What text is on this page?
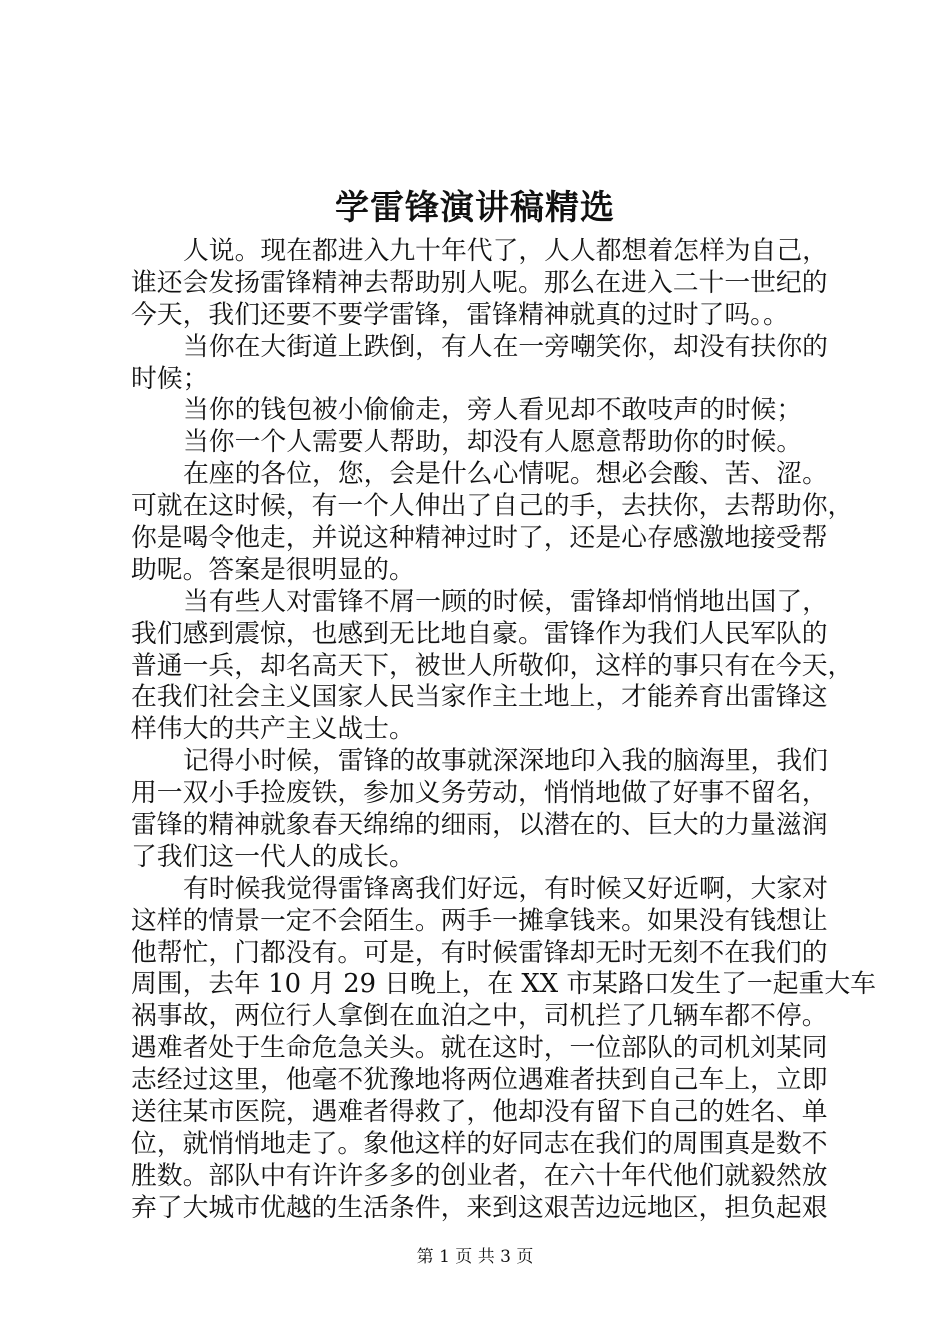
学雷锋演讲稿精选
人说。现在都进入九十年代了，人人都想着怎样为自己，
谁还会发扬雷锋精神去帮助别人呢。那么在进入二十一世纪的
今天，我们还要不要学雷锋，雷锋精神就真的过时了吗。。
当你在大街道上跌倒，有人在一旁嘲笑你，却没有扶你的
时候；
当你的钱包被小偷偷走，旁人看见却不敢吱声的时候；
当你一个人需要人帮助，却没有人愿意帮助你的时候。
在座的各位，您，会是什么心情呢。想必会酸、苦、涩。
可就在这时候，有一个人伸出了自己的手，去扶你，去帮助你，
你是喝令他走，并说这种精神过时了，还是心存感激地接受帮
助呢。答案是很明显的。
当有些人对雷锋不屑一顾的时候，雷锋却悄悄地出国了，
我们感到震惊，也感到无比地自豪。雷锋作为我们人民军队的
普通一兵，却名高天下，被世人所敬仰，这样的事只有在今天，
在我们社会主义国家人民当家作主土地上，才能养育出雷锋这
样伟大的共产主义战士。
记得小时候，雷锋的故事就深深地印入我的脑海里，我们
用一双小手捡废铁，参加义务劳动，悄悄地做了好事不留名，
雷锋的精神就象春天绵绵的细雨，以潜在的、巨大的力量滋润
了我们这一代人的成长。
有时候我觉得雷锋离我们好远，有时候又好近啊，大家对
这样的情景一定不会陌生。两手一摊拿钱来。如果没有钱想让
他帮忙，门都没有。可是，有时候雷锋却无时无刻不在我们的
周围，去年 10 月 29 日晚上，在 XX 市某路口发生了一起重大车
祸事故，两位行人拿倒在血泊之中，司机拦了几辆车都不停。
遇难者处于生命危急关头。就在这时，一位部队的司机刘某同
志经过这里，他毫不犹豫地将两位遇难者扶到自己车上，立即
送往某市医院，遇难者得救了，他却没有留下自己的姓名、单
位，就悄悄地走了。象他这样的好同志在我们的周围真是数不
胜数。部队中有许许多多的创业者，在六十年代他们就毅然放
弃了大城市优越的生活条件，来到这艰苦边远地区，担负起艰
第 1 页 共 3 页
